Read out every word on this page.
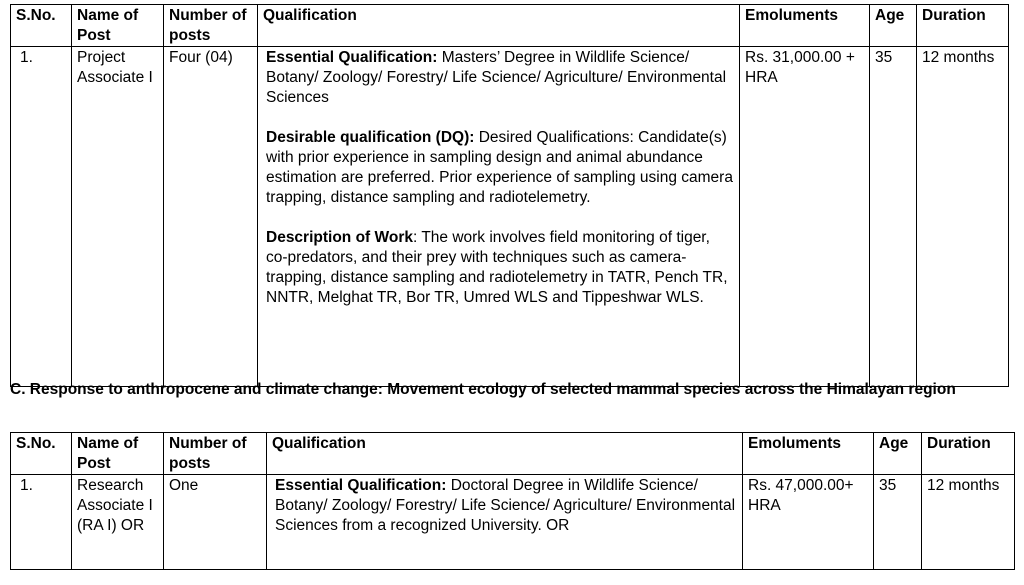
S.No.	Name of Post	Number of posts	Qualification	Emoluments	Age	Duration
1.	Project Associate I	Four (04)	Essential Qualification: Masters’ Degree in Wildlife Science/ Botany/ Zoology/ Forestry/ Life Science/ Agriculture/ Environmental Sciences
Desirable qualification (DQ): Desired Qualifications: Candidate(s) with prior experience in sampling design and animal abundance estimation are preferred. Prior experience of sampling using camera trapping, distance sampling and radiotelemetry.
Description of Work: The work involves field monitoring of tiger, co-predators, and their prey with techniques such as camera-trapping, distance sampling and radiotelemetry in TATR, Pench TR, NNTR, Melghat TR, Bor TR, Umred WLS and Tippeshwar WLS.	Rs. 31,000.00 + HRA	35	12 months
C. Response to anthropocene and climate change: Movement ecology of selected mammal species across the Himalayan region
S.No.	Name of Post	Number of posts	Qualification	Emoluments	Age	Duration
1.	Research Associate I (RA I) OR	One	Essential Qualification: Doctoral Degree in Wildlife Science/ Botany/ Zoology/ Forestry/ Life Science/ Agriculture/ Environmental Sciences from a recognized University. OR	Rs. 47,000.00+ HRA	35	12 months
